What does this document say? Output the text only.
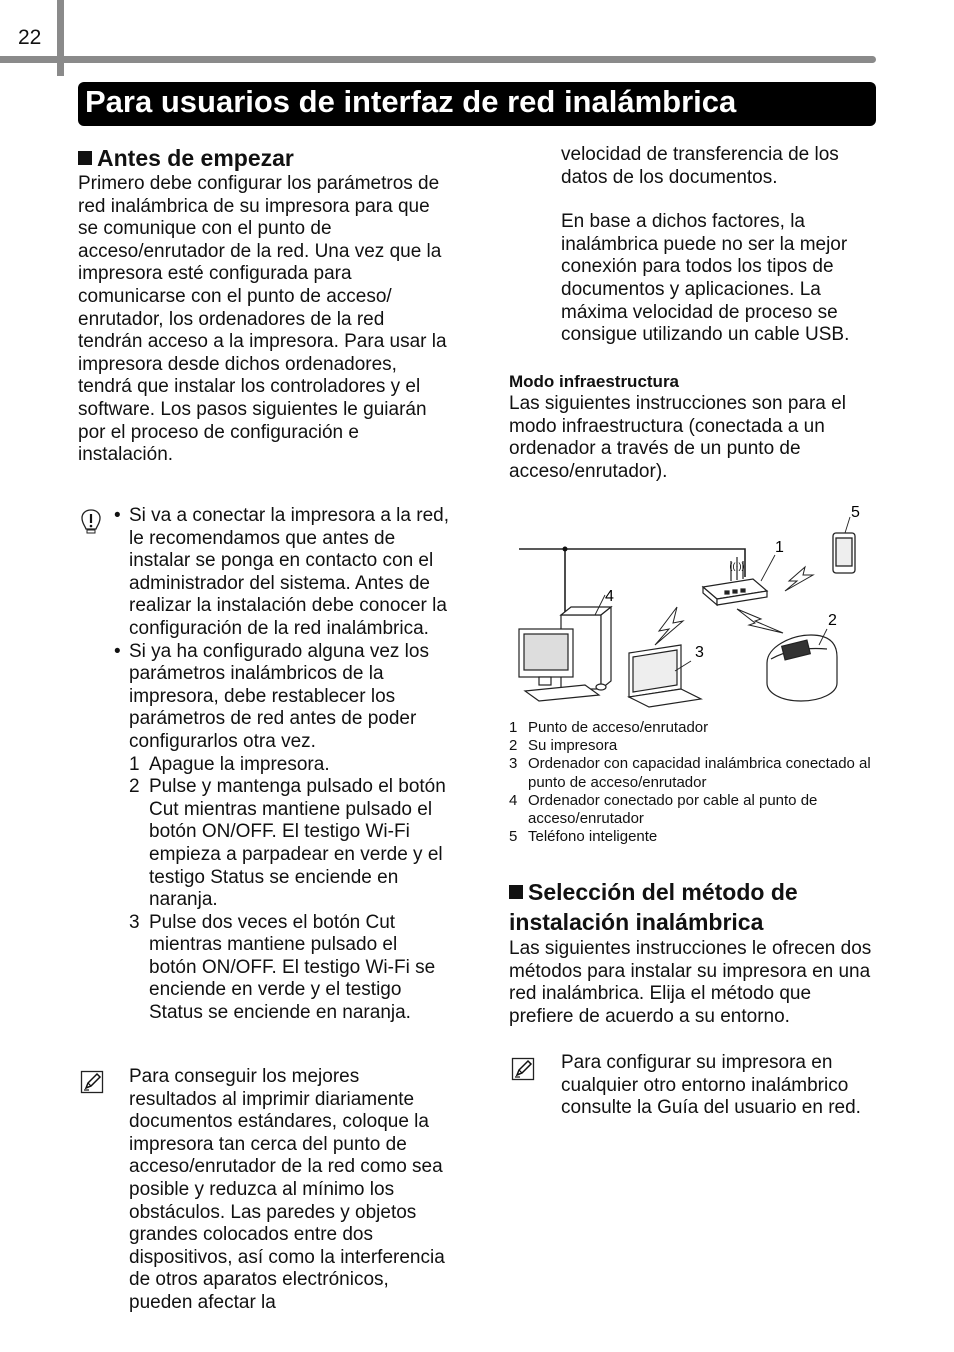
22
Para usuarios de interfaz de red inalámbrica
Antes de empezar
Primero debe configurar los parámetros de red inalámbrica de su impresora para que se comunique con el punto de acceso/enrutador de la red. Una vez que la impresora esté configurada para comunicarse con el punto de acceso/ enrutador, los ordenadores de la red tendrán acceso a la impresora. Para usar la impresora desde dichos ordenadores, tendrá que instalar los controladores y el software. Los pasos siguientes le guiarán por el proceso de configuración e instalación.
• Si va a conectar la impresora a la red, le recomendamos que antes de instalar se ponga en contacto con el administrador del sistema. Antes de realizar la instalación debe conocer la configuración de la red inalámbrica.
• Si ya ha configurado alguna vez los parámetros inalámbricos de la impresora, debe restablecer los parámetros de red antes de poder configurarlos otra vez.
1 Apague la impresora.
2 Pulse y mantenga pulsado el botón Cut mientras mantiene pulsado el botón ON/OFF. El testigo Wi-Fi empieza a parpadear en verde y el testigo Status se enciende en naranja.
3 Pulse dos veces el botón Cut mientras mantiene pulsado el botón ON/OFF. El testigo Wi-Fi se enciende en verde y el testigo Status se enciende en naranja.
Para conseguir los mejores resultados al imprimir diariamente documentos estándares, coloque la impresora tan cerca del punto de acceso/enrutador de la red como sea posible y reduzca al mínimo los obstáculos. Las paredes y objetos grandes colocados entre dos dispositivos, así como la interferencia de otros aparatos electrónicos, pueden afectar la
velocidad de transferencia de los datos de los documentos.
En base a dichos factores, la inalámbrica puede no ser la mejor conexión para todos los tipos de documentos y aplicaciones. La máxima velocidad de proceso se consigue utilizando un cable USB.
Modo infraestructura
Las siguientes instrucciones son para el modo infraestructura (conectada a un ordenador a través de un punto de acceso/enrutador).
((·))
1
2
3
4
5
1 Punto de acceso/enrutador
2 Su impresora
3 Ordenador con capacidad inalámbrica conectado al punto de acceso/enrutador
4 Ordenador conectado por cable al punto de acceso/enrutador
5 Teléfono inteligente
Selección del método de
instalación inalámbrica
Las siguientes instrucciones le ofrecen dos métodos para instalar su impresora en una red inalámbrica. Elija el método que prefiere de acuerdo a su entorno.
Para configurar su impresora en cualquier otro entorno inalámbrico consulte la Guía del usuario en red.
